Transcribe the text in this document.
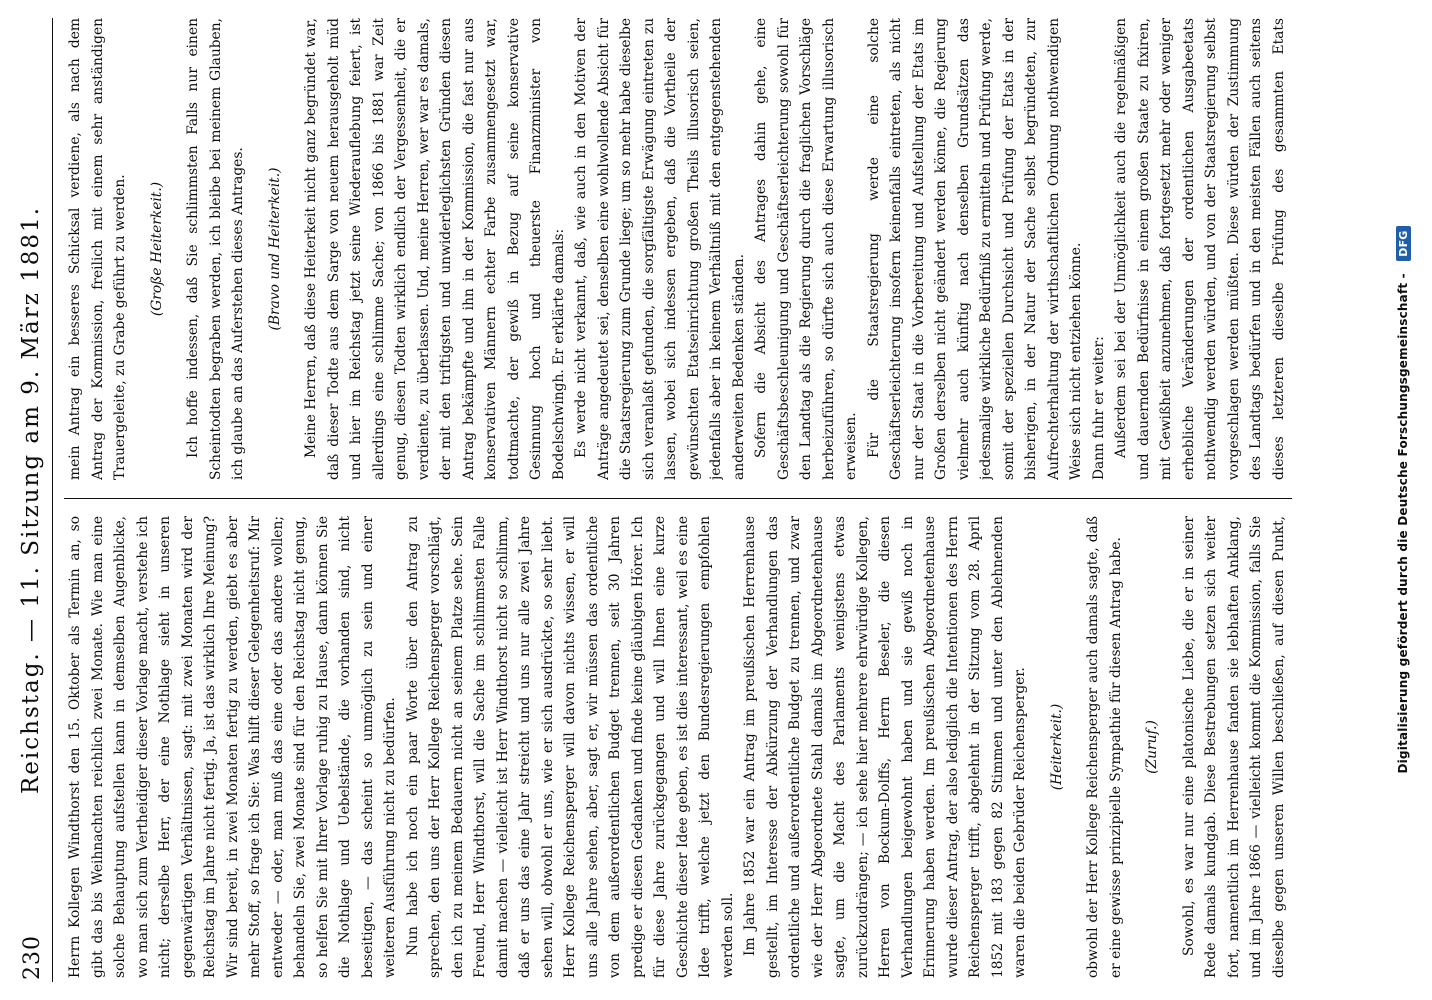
230
Reichstag. — 11. Sitzung am 9. März 1881. Herrn Kollegen Windthorst den 15. Oktober als Termin an, so gibt das bis Weihnachten reichlich zwei Monate. Wie man eine solche Behauptung aufstellen kann in demselben Augenblicke, wo man sich zum Vertheidiger dieser Vorlage macht, verstehe ich nicht; derselbe Herr, der eine Nothlage sieht in unseren gegenwärtigen Verhältnissen, sagt: mit zwei Monaten wird der Reichstag im Jahre nicht fertig. Ja, ist das wirklich Ihre Meinung? Wir sind bereit, in zwei Monaten fertig zu werden, giebt es aber mehr Stoff, so frage ich Sie: Was hilft dieser Gelegenheitsruf: Mir entweder — oder, man muß das eine oder das andere wollen; behandeln Sie, zwei Monate sind für den Reichstag nicht genug, so helfen Sie mit Ihrer Vorlage ruhig zu Hause, dann können Sie die Nothlage und Uebelstände, die vorhanden sind, nicht beseitigen, — das scheint so unmöglich zu sein und einer weiteren Ausführung nicht zu bedürfen. Nun habe ich noch ein paar Worte über den Antrag zu sprechen, den uns der Herr Kollege Reichensperger vorschlägt, den ich zu meinem Bedauern nicht an seinem Platze sehe. Sein Freund, Herr Windthorst, will die Sache im schlimmsten Falle damit machen — vielleicht ist Herr Windthorst nicht so schlimm, daß er uns das eine Jahr streicht und uns nur alle zwei Jahre sehen will, obwohl er uns, wie er sich ausdrückte, so sehr liebt. Herr Kollege Reichensperger will davon nichts wissen, er will uns alle Jahre sehen, aber, sagt er, wir müssen das ordentliche von dem außerordentlichen Budget trennen, seit 30 Jahren predige er diesen Gedanken und finde keine gläubigen Hörer. Ich für diese Jahre zurückgegangen und will Ihnen eine kurze Geschichte dieser Idee geben, es ist dies interessant, weil es eine Idee trifft, welche jetzt den Bundesregierungen empfohlen werden soll. Im Jahre 1852 war ein Antrag im preußischen Herrenhause gestellt, im Interesse der Abkürzung der Verhandlungen das ordentliche und außerordentliche Budget zu trennen, und zwar wie der Herr Abgeordnete Stahl damals im Abgeordnetenhause sagte, um die Macht des Parlaments wenigstens etwas zurückzudrängen; — ich sehe hier mehrere ehrwürdige Kollegen, Herren von Bockum-Dolffs, Herrn Beseler, die diesen Verhandlungen beigewohnt haben und sie gewiß noch in Erinnerung haben werden. Im preußischen Abgeordnetenhause wurde dieser Antrag, der also lediglich die Intentionen des Herrn Reichensperger trifft, abgelehnt in der Sitzung vom 28. April 1852 mit 183 gegen 82 Stimmen und unter den Ablehnenden waren die beiden Gebrüder Reichensperger. (Heiterkeit.) obwohl der Herr Kollege Reichensperger auch damals sagte, daß er eine gewisse prinzipielle Sympathie für diesen Antrag habe. (Zuruf.)

Sowohl, es war nur eine platonische Liebe, die er in seiner Rede damals kundgab. Diese Bestrebungen setzen sich weiter fort, namentlich im Herrenhause fanden sie lebhaften Anklang, und im Jahre 1866 — vielleicht kommt die Kommission, falls Sie dieselbe gegen unseren Willen beschließen, auf diesen Punkt,

mein Antrag ein besseres Schicksal verdiene, als nach dem Antrag der Kommission, freilich mit einem sehr anständigen Trauergeleite, zu Grabe geführt zu werden. (Große Heiterkeit.) Ich hoffe indessen, daß Sie schlimmsten Falls nur einen Scheintodten begraben werden, ich bleibe bei meinem Glauben, ich glaube an das Auferstehen dieses Antrages. (Bravo und Heiterkeit.) Meine Herren, daß diese Heiterkeit nicht ganz begründet war, daß dieser Todte aus dem Sarge von neuem herausgeholt müd und hier im Reichstag jetzt seine Wiederauflebung feiert, ist allerdings eine schlimme Sache; von 1866 bis 1881 war Zeit genug, diesen Todten wirklich endlich der Vergessenheit, die er verdiente, zu überlassen. Und, meine Herren, wer war es damals, der mit den triftigsten und unwiderleglichsten Gründen diesen Antrag bekämpfte und ihn in der Kommission, die fast nur aus konservativen Männern echter Farbe zusammengesetzt war, todtmachte, der gewiß in Bezug auf seine konservative Gesinnung hoch und theuerste Finanzminister von Bodelschwingh. Er erklärte damals: Es werde nicht verkannt, daß, wie auch in den Motiven der Anträge angedeutet sei, denselben eine wohlwollende Absicht für die Staatsregierung zum Grunde liege; um so mehr habe dieselbe sich veranlaßt gefunden, die sorgfältigste Erwägung eintreten zu lassen, wobei sich indessen ergeben, daß die Vortheile der gewünschten Etatseinrichtung großen Theils illusorisch seien, jedenfalls aber in keinem Verhältniß mit den entgegenstehenden anderweiten Bedenken ständen. Sofern die Absicht des Antrages dahin gehe, eine Geschäftsbeschleunigung und Geschäftserleichterung sowohl für den Landtag als die Regierung durch die fraglichen Vorschläge herbeizuführen, so dürfte sich auch diese Erwartung illusorisch erweisen. Für die Staatsregierung werde eine solche Geschäftserleichterung insofern keinenfalls eintreten, als nicht nur der Staat in die Vorbereitung und Aufstellung der Etats im Großen derselben nicht geändert werden könne, die Regierung vielmehr auch künftig nach denselben Grundsätzen das jedesmalige wirkliche Bedürfniß zu ermitteln und Prüfung werde, somit der speziellen Durchsicht und Prüfung der Etats in der bisherigen, in der Natur der Sache selbst begründeten, zur Aufrechterhaltung der wirthschaftlichen Ordnung nothwendigen Weise sich nicht entziehen könne. Dann fuhr er weiter: Außerdem sei bei der Unmöglichkeit auch die regelmäßigen und dauernden Bedürfnisse in einem großen Staate zu fixiren, mit Gewißheit anzunehmen, daß fortgesetzt mehr oder weniger erhebliche Veränderungen der ordentlichen Ausgabeetats nothwendig werden würden, und von der Staatsregierung selbst vorgeschlagen werden müßten. Diese würden der Zustimmung des Landtags bedürfen und in den meisten Fällen auch seitens dieses letzteren dieselbe Prüfung des gesammten Etats

Digitalisierung gefördert durch die Deutsche Forschungsgemeinschaft - DFG
